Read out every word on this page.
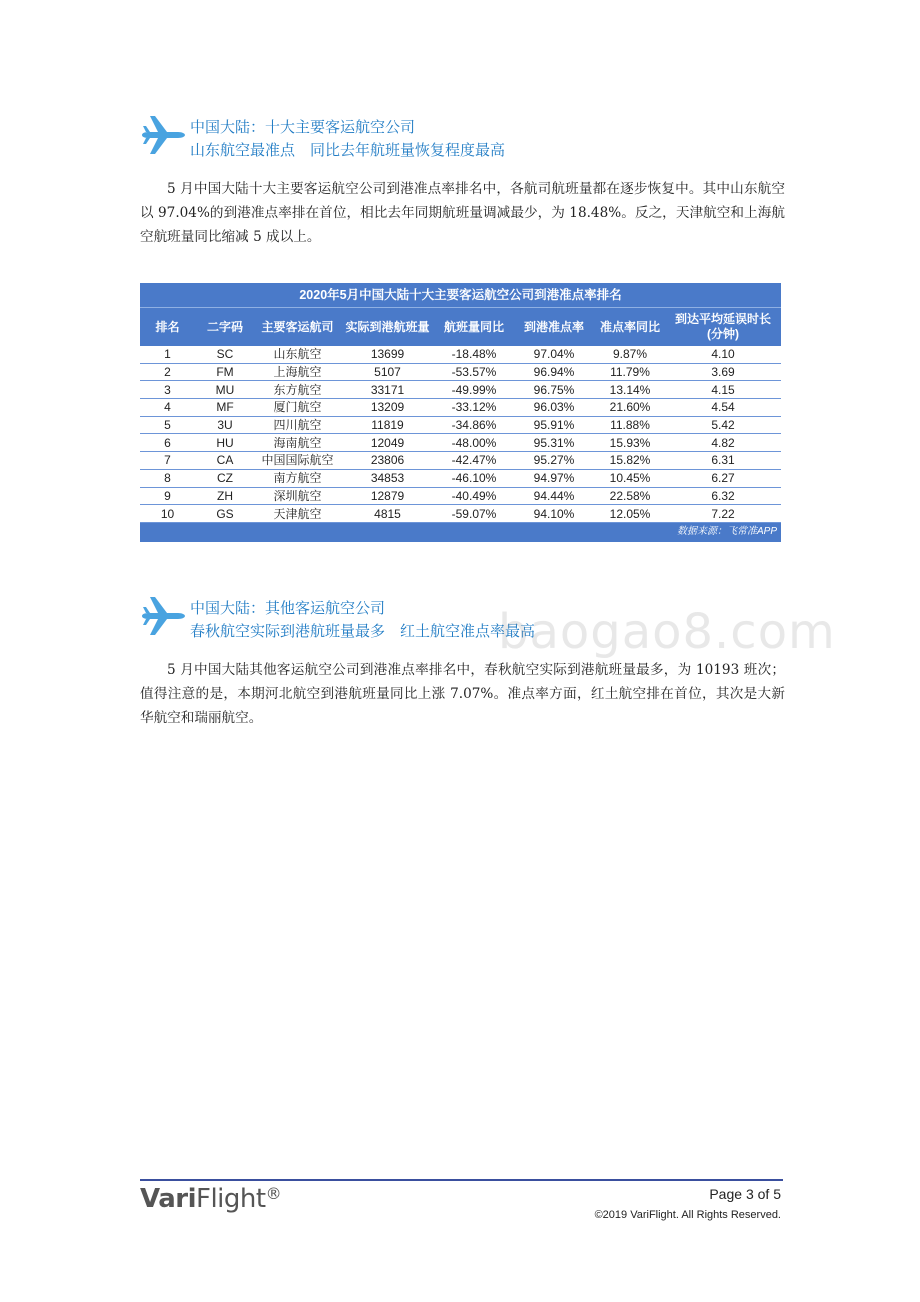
中国大陆：十大主要客运航空公司
山东航空最准点　同比去年航班量恢复程度最高

5 月中国大陆十大主要客运航空公司到港准点率排名中，各航司航班量都在逐步恢复中。其中山东航空以 97.04%的到港准点率排在首位，相比去年同期航班量调减最少，为 18.48%。反之，天津航空和上海航空航班量同比缩减 5 成以上。

2020年5月中国大陆十大主要客运航空公司到港准点率排名
排名	二字码	主要客运航司	实际到港航班量	航班量同比	到港准点率	准点率同比	到达平均延误时长
(分钟)
1	SC	山东航空	13699	-18.48%	97.04%	9.87%	4.10
2	FM	上海航空	5107	-53.57%	96.94%	11.79%	3.69
3	MU	东方航空	33171	-49.99%	96.75%	13.14%	4.15
4	MF	厦门航空	13209	-33.12%	96.03%	21.60%	4.54
5	3U	四川航空	11819	-34.86%	95.91%	11.88%	5.42
6	HU	海南航空	12049	-48.00%	95.31%	15.93%	4.82
7	CA	中国国际航空	23806	-42.47%	95.27%	15.82%	6.31
8	CZ	南方航空	34853	-46.10%	94.97%	10.45%	6.27
9	ZH	深圳航空	12879	-40.49%	94.44%	22.58%	6.32
10	GS	天津航空	4815	-59.07%	94.10%	12.05%	7.22
数据来源：飞常准APP
中国大陆：其他客运航空公司
春秋航空实际到港航班量最多　红土航空准点率最高
baogao8.com

5 月中国大陆其他客运航空公司到港准点率排名中，春秋航空实际到港航班量最多，为 10193 班次；值得注意的是，本期河北航空到港航班量同比上涨 7.07%。准点率方面，红土航空排在首位，其次是大新华航空和瑞丽航空。

VariFlight®	Page 3 of 5
©2019 VariFlight. All Rights Reserved.
